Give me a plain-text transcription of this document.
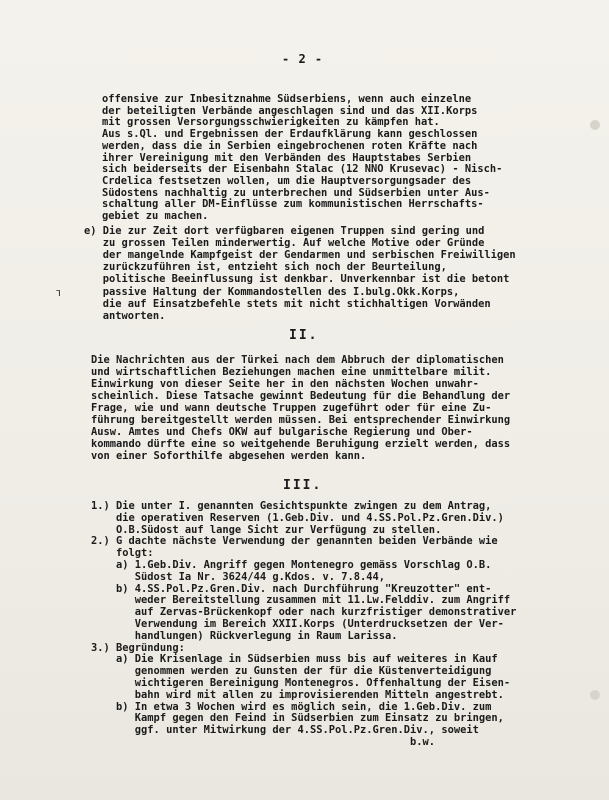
- 2 -
ꭋ
offensive zur Inbesitznahme Südserbiens, wenn auch einzelne
der beteiligten Verbände angeschlagen sind und das XII.Korps
mit grossen Versorgungsschwierigkeiten zu kämpfen hat.
Aus s.Ql. und Ergebnissen der Erdaufklärung kann geschlossen
werden, dass die in Serbien eingebrochenen roten Kräfte nach
ihrer Vereinigung mit den Verbänden des Hauptstabes Serbien
sich beiderseits der Eisenbahn Stalac (12 NNO Krusevac) - Nisch-
Crdelica festsetzen wollen, um die Hauptversorgungsader des
Südostens nachhaltig zu unterbrechen und Südserbien unter Aus-
schaltung aller DM-Einflüsse zum kommunistischen Herrschafts-
gebiet zu machen.
e) Die zur Zeit dort verfügbaren eigenen Truppen sind gering und
zu grossen Teilen minderwertig. Auf welche Motive oder Gründe
der mangelnde Kampfgeist der Gendarmen und serbischen Freiwilligen
zurückzuführen ist, entzieht sich noch der Beurteilung,
politische Beeinflussung ist denkbar. Unverkennbar ist die betont
passive Haltung der Kommandostellen des I.bulg.Okk.Korps,
die auf Einsatzbefehle stets mit nicht stichhaltigen Vorwänden
antworten.
II.
Die Nachrichten aus der Türkei nach dem Abbruch der diplomatischen
und wirtschaftlichen Beziehungen machen eine unmittelbare milit.
Einwirkung von dieser Seite her in den nächsten Wochen unwahr-
scheinlich. Diese Tatsache gewinnt Bedeutung für die Behandlung der
Frage, wie und wann deutsche Truppen zugeführt oder für eine Zu-
führung bereitgestellt werden müssen. Bei entsprechender Einwirkung
Ausw. Amtes und Chefs OKW auf bulgarische Regierung und Ober-
kommando dürfte eine so weitgehende Beruhigung erzielt werden, dass
von einer Soforthilfe abgesehen werden kann.
III.
1.) Die unter I. genannten Gesichtspunkte zwingen zu dem Antrag,
die operativen Reserven (1.Geb.Div. und 4.SS.Pol.Pz.Gren.Div.)
O.B.Südost auf lange Sicht zur Verfügung zu stellen.
2.) G dachte nächste Verwendung der genannten beiden Verbände wie
folgt:
a) 1.Geb.Div. Angriff gegen Montenegro gemäss Vorschlag O.B.
Südost Ia Nr. 3624/44 g.Kdos. v. 7.8.44,
b) 4.SS.Pol.Pz.Gren.Div. nach Durchführung "Kreuzotter" ent-
weder Bereitstellung zusammen mit 11.Lw.Felddiv. zum Angriff
auf Zervas-Brückenkopf oder nach kurzfristiger demonstrativer
Verwendung im Bereich XXII.Korps (Unterdrucksetzen der Ver-
handlungen) Rückverlegung in Raum Larissa.
3.) Begründung:
a) Die Krisenlage in Südserbien muss bis auf weiteres in Kauf
genommen werden zu Gunsten der für die Küstenverteidigung
wichtigeren Bereinigung Montenegros. Offenhaltung der Eisen-
bahn wird mit allen zu improvisierenden Mitteln angestrebt.
b) In etwa 3 Wochen wird es möglich sein, die 1.Geb.Div. zum
Kampf gegen den Feind in Südserbien zum Einsatz zu bringen,
ggf. unter Mitwirkung der 4.SS.Pol.Pz.Gren.Div., soweit
b.w.
